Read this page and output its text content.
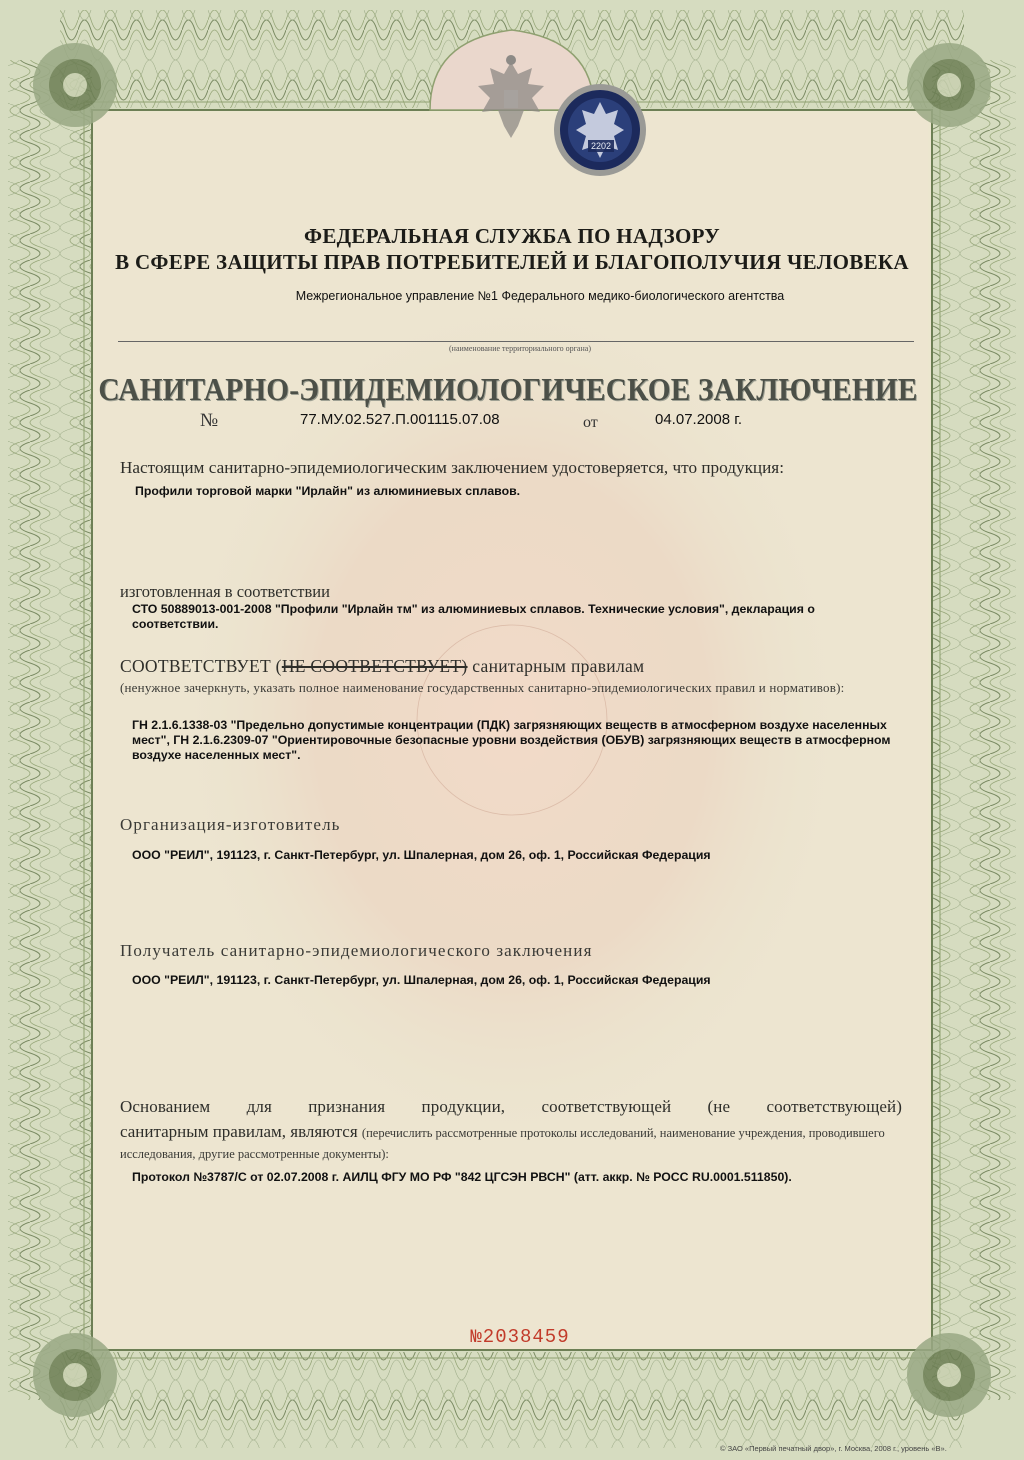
2202
ФЕДЕРАЛЬНАЯ СЛУЖБА ПО НАДЗОРУ
В СФЕРЕ ЗАЩИТЫ ПРАВ ПОТРЕБИТЕЛЕЙ И БЛАГОПОЛУЧИЯ ЧЕЛОВЕКА
Межрегиональное управление №1 Федерального медико-биологического агентства
(наименование территориального органа)
САНИТАРНО-ЭПИДЕМИОЛОГИЧЕСКОЕ ЗАКЛЮЧЕНИЕ
№	77.МУ.02.527.П.001115.07.08	от	04.07.2008 г.
Настоящим санитарно-эпидемиологическим заключением удостоверяется, что продукция:
Профили торговой марки "Ирлайн" из алюминиевых сплавов.
изготовленная в соответствии
СТО 50889013-001-2008 "Профили "Ирлайн тм" из алюминиевых сплавов. Технические условия", декларация о соответствии.
СООТВЕТСТВУЕТ (НЕ СООТВЕТСТВУЕТ) санитарным правилам
(ненужное зачеркнуть, указать полное наименование государственных санитарно-эпидемиологических правил и нормативов):
ГН 2.1.6.1338-03 "Предельно допустимые концентрации (ПДК) загрязняющих веществ в атмосферном воздухе населенных мест", ГН 2.1.6.2309-07 "Ориентировочные безопасные уровни воздействия (ОБУВ) загрязняющих веществ в атмосферном воздухе населенных мест".
Организация-изготовитель
ООО "РЕИЛ", 191123, г. Санкт-Петербург, ул. Шпалерная, дом 26, оф. 1, Российская Федерация
Получатель санитарно-эпидемиологического заключения
ООО "РЕИЛ", 191123, г. Санкт-Петербург, ул. Шпалерная, дом 26, оф. 1, Российская Федерация
Основанием для признания продукции, соответствующей (не соответствующей)
санитарным правилам, являются (перечислить рассмотренные протоколы исследований, наименование учреждения, проводившего исследования, другие рассмотренные документы):
Протокол №3787/С от 02.07.2008 г. АИЛЦ ФГУ МО РФ "842 ЦГСЭН РВСН" (атт. аккр. № РОСС RU.0001.511850).
№2038459
© ЗАО «Первый печатный двор», г. Москва, 2008 г., уровень «В».
